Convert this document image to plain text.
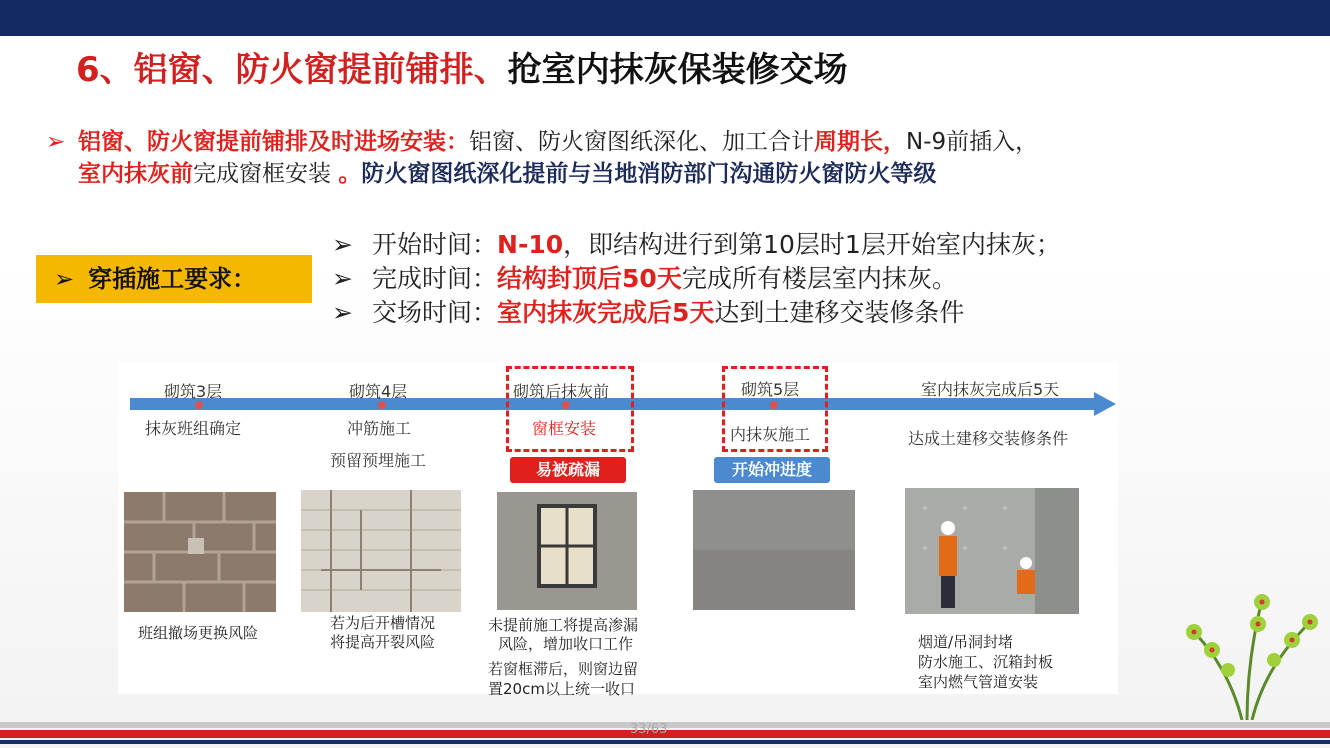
6、铝窗、防火窗提前铺排、抢室内抹灰保装修交场
➢ 铝窗、防火窗提前铺排及时进场安装：铝窗、防火窗图纸深化、加工合计周期长，N-9前插入，
室内抹灰前完成窗框安装 。防火窗图纸深化提前与当地消防部门沟通防火窗防火等级
➢ 穿插施工要求：
➢ 开始时间：N-10，即结构进行到第10层时1层开始室内抹灰；
➢ 完成时间：结构封顶后50天完成所有楼层室内抹灰。
➢ 交场时间：室内抹灰完成后5天达到土建移交装修条件
砌筑3层
抹灰班组确定
班组撤场更换风险
砌筑4层
冲筋施工
预留预埋施工
若为后开槽情况
将提高开裂风险
砌筑后抹灰前
窗框安装
易被疏漏
未提前施工将提高渗漏
风险，增加收口工作
若窗框滞后，则窗边留
置20cm以上统一收口
砌筑5层
内抹灰施工
开始冲进度
室内抹灰完成后5天
达成土建移交装修条件
烟道/吊洞封堵
防水施工、沉箱封板
室内燃气管道安装
33/63
